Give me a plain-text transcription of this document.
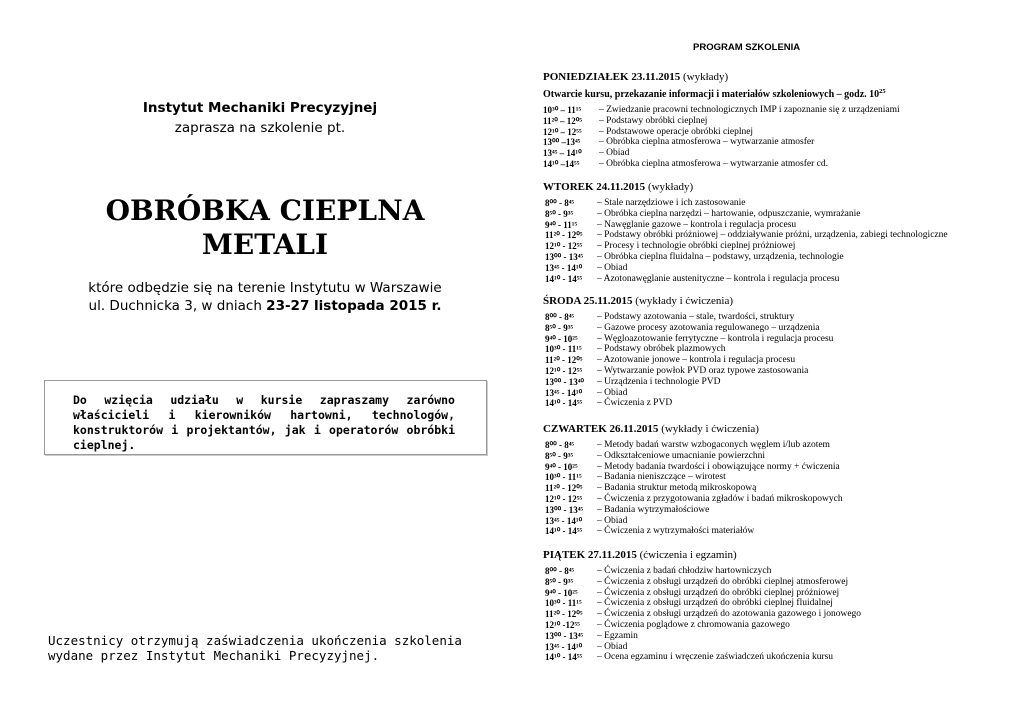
Instytut Mechaniki Precyzyjnej
zaprasza na szkolenie pt.
OBRÓBKA CIEPLNA
METALI
które odbędzie się na terenie Instytutu w Warszawie
ul. Duchnicka 3, w dniach 23-27 listopada 2015 r.

Do wzięcia udziału w kursie zapraszamy zarówno właścicieli i kierowników hartowni, technologów, konstruktorów i projektantów, jak i operatorów obróbki cieplnej.

Uczestnicy otrzymują zaświadczenia ukończenia szkolenia wydane przez Instytut Mechaniki Precyzyjnej.
PROGRAM SZKOLENIA
PONIEDZIAŁEK 23.11.2015 (wykłady)
Otwarcie kursu, przekazanie informacji i materiałów szkoleniowych – godz. $10^{25}$
10³⁰ – 11¹⁵ – Zwiedzanie pracowni technologicznych IMP i zapoznanie się z urządzeniami
11²⁰ – 12⁰⁵ – Podstawy obróbki cieplnej
12¹⁰ – 12⁵⁵ – Podstawowe operacje obróbki cieplnej
13⁰⁰ –13⁴⁵ – Obróbka cieplna atmosferowa – wytwarzanie atmosfer
13⁴⁵ – 14¹⁰ – Obiad
14¹⁰ –14⁵⁵ – Obróbka cieplna atmosferowa – wytwarzanie atmosfer cd.
WTOREK 24.11.2015 (wykłady)
8⁰⁰ - 8⁴⁵ – Stale narzędziowe i ich zastosowanie
8⁵⁰ - 9³⁵	– Obróbka cieplna narzędzi – hartowanie, odpuszczanie, wymrażanie
9⁴⁰ - 11¹⁵ – Nawęglanie gazowe – kontrola i regulacja procesu
11²⁰ - 12⁰⁵ – Podstawy obróbki próżniowej – oddziaływanie próżni, urządzenia, zabiegi technologiczne
12¹⁰ - 12⁵⁵ – Procesy i technologie obróbki cieplnej próżniowej
13⁰⁰ - 13⁴⁵ – Obróbka cieplna fluidalna – podstawy, urządzenia, technologie
13⁴⁵ - 14¹⁰ – Obiad
14¹⁰ - 14⁵⁵ – Azotonawęglanie austenityczne – kontrola i regulacja procesu
ŚRODA 25.11.2015 (wykłady i ćwiczenia)
8⁰⁰ - 8⁴⁵ – Podstawy azotowania – stale, twardości, struktury
8⁵⁰ - 9³⁵	– Gazowe procesy azotowania regulowanego – urządzenia
9⁴⁰ - 10²⁵ – Węgloazotowanie ferrytyczne – kontrola i regulacja procesu
10³⁰ - 11¹⁵ – Podstawy obróbek plazmowych
11²⁰ - 12⁰⁵ – Azotowanie jonowe – kontrola i regulacja procesu
12¹⁰ - 12⁵⁵ – Wytwarzanie powłok PVD oraz typowe zastosowania
13⁰⁰ - 13⁴⁰ – Urządzenia i technologie PVD
13⁴⁵ - 14¹⁰ – Obiad
14¹⁰ - 14⁵⁵ – Ćwiczenia z PVD
CZWARTEK 26.11.2015 (wykłady i ćwiczenia)
8⁰⁰ - 8⁴⁵ – Metody badań warstw wzbogaconych węglem i/lub azotem
8⁵⁰ - 9³⁵	– Odkształceniowe umacnianie powierzchni
9⁴⁰ - 10²⁵ – Metody badania twardości i obowiązujące normy + ćwiczenia
10³⁰ - 11¹⁵ – Badania nieniszczące – wirotest
11²⁰ - 12⁰⁵ – Badania struktur metodą mikroskopową
12¹⁰ - 12⁵⁵ – Ćwiczenia z przygotowania zgładów i badań mikroskopowych
13⁰⁰ - 13⁴⁵ – Badania wytrzymałościowe
13⁴⁵ - 14¹⁰ – Obiad
14¹⁰ - 14⁵⁵ – Ćwiczenia z wytrzymałości materiałów
PIĄTEK 27.11.2015 (ćwiczenia i egzamin)
8⁰⁰ - 8⁴⁵ – Ćwiczenia z badań chłodziw hartowniczych
8⁵⁰ - 9³⁵	– Ćwiczenia z obsługi urządzeń do obróbki cieplnej atmosferowej
9⁴⁰ - 10²⁵ – Ćwiczenia z obsługi urządzeń do obróbki cieplnej próżniowej
10³⁰ - 11¹⁵ – Ćwiczenia z obsługi urządzeń do obróbki cieplnej fluidalnej
11²⁰ - 12⁰⁵ – Ćwiczenia z obsługi urządzeń do azotowania gazowego i jonowego
12¹⁰ -12⁵⁵ – Ćwiczenia poglądowe z chromowania gazowego
13⁰⁰ - 13⁴⁵ – Egzamin
13⁴⁵ - 14¹⁰ – Obiad
14¹⁰ - 14⁵⁵ – Ocena egzaminu i wręczenie zaświadczeń ukończenia kursu
